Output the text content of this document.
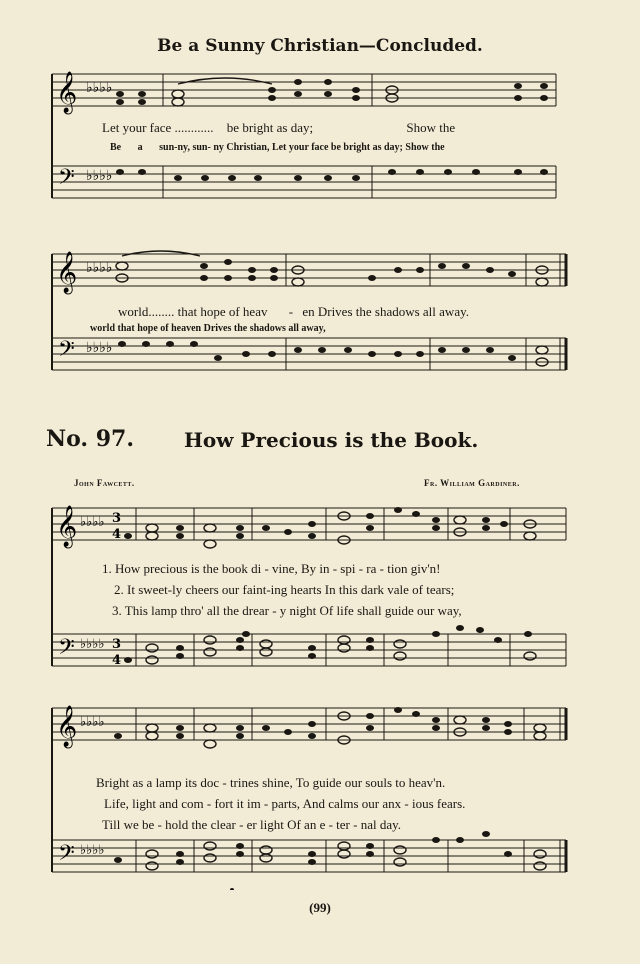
Be a Sunny Christian—Concluded.
𝄞
𝄢
♭♭♭♭
♭♭♭♭
Let your face ............ be bright as day;	Show the
Be a sun-ny, sun- ny Christian, Let your face be bright as day; Show the
𝄞
𝄢
♭♭♭♭
♭♭♭♭
world........ that hope of heav - en Drives the shadows all away.
world that hope of heaven Drives the shadows all away,
No. 97.	How Precious is the Book.
John Fawcett.	Fr. William Gardiner.
𝄞
𝄢
♭♭♭♭
♭♭♭♭
3
4
3
4
1. How precious is the book di - vine, By in - spi - ra - tion giv'n!
2. It sweet-ly cheers our faint-ing hearts In this dark vale of tears;
3. This lamp thro' all the drear - y night Of life shall guide our way,
𝄞
𝄢
♭♭♭♭
♭♭♭♭
Bright as a lamp its doc - trines shine, To guide our souls to heav'n.
Life, light and com - fort it im - parts, And calms our anx - ious fears.
Till we be - hold the clear - er light Of an e - ter - nal day.
(99)
